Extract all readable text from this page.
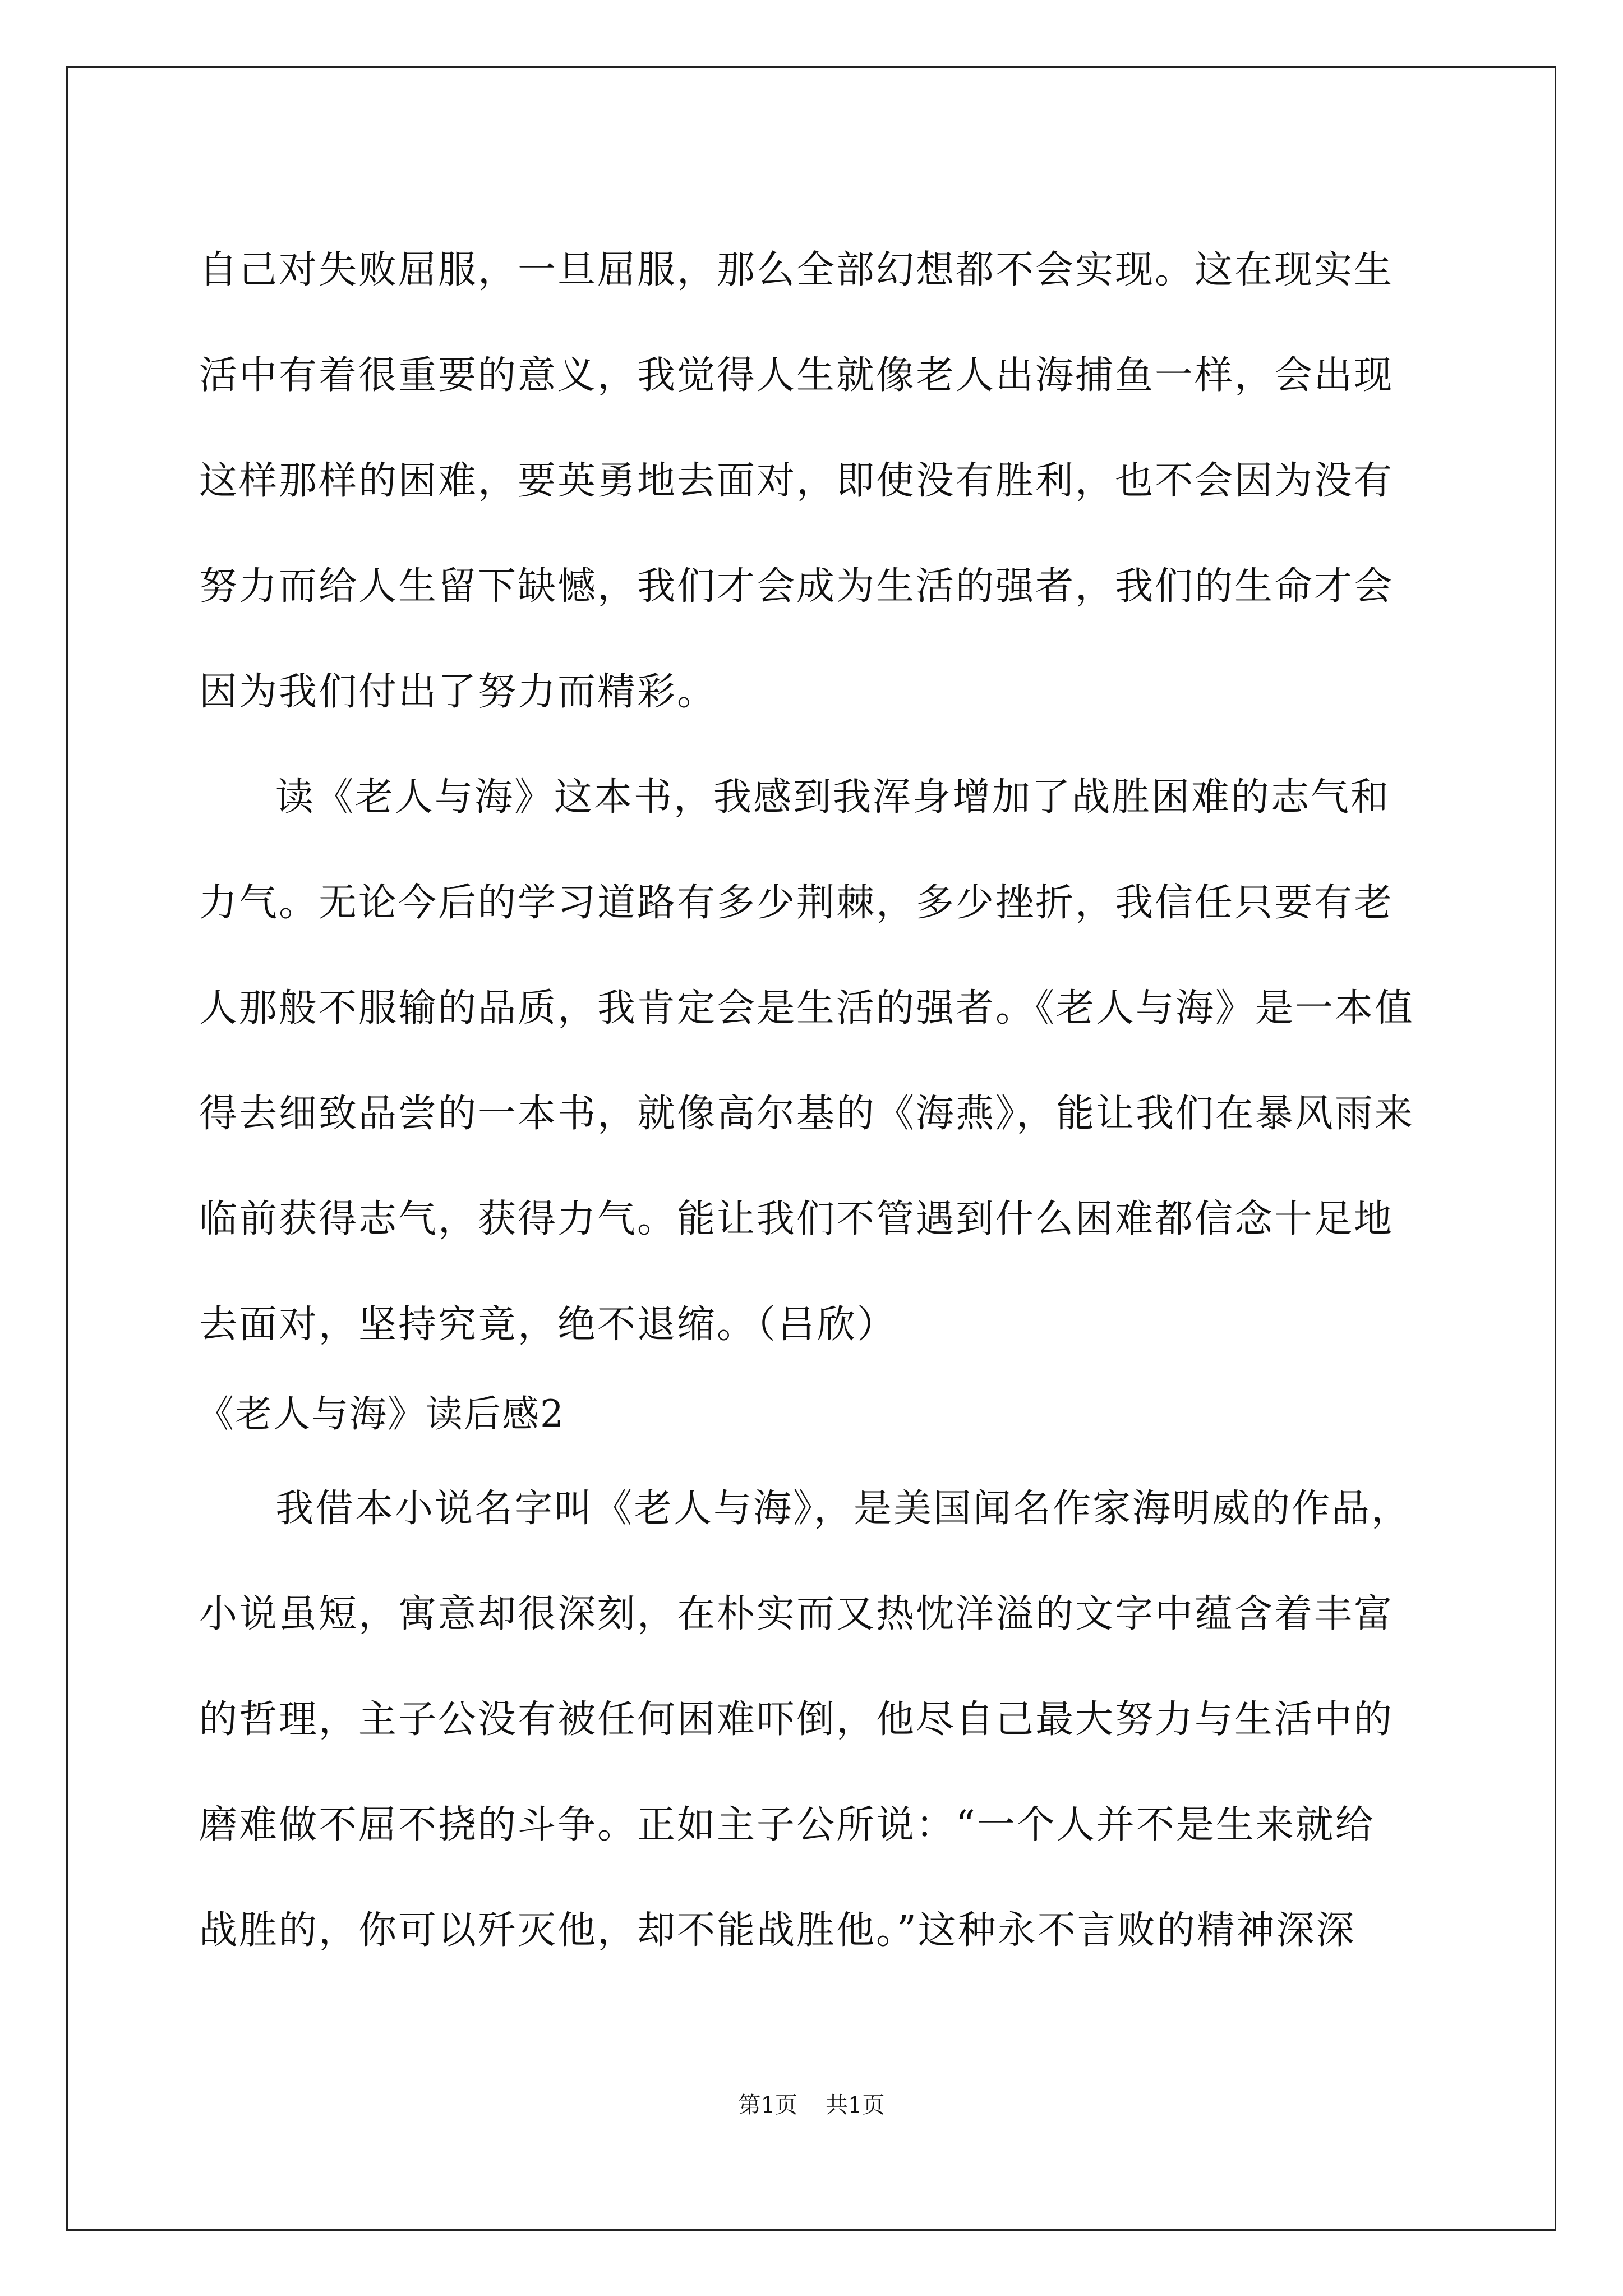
自己对失败屈服，一旦屈服，那么全部幻想都不会实现。这在现实生
活中有着很重要的意义，我觉得人生就像老人出海捕鱼一样，会出现
这样那样的困难，要英勇地去面对，即使没有胜利，也不会因为没有
努力而给人生留下缺憾，我们才会成为生活的强者，我们的生命才会
因为我们付出了努力而精彩。
读《老人与海》这本书，我感到我浑身增加了战胜困难的志气和
力气。无论今后的学习道路有多少荆棘，多少挫折，我信任只要有老
人那般不服输的品质，我肯定会是生活的强者。《老人与海》是一本值
得去细致品尝的一本书，就像高尔基的《海燕》，能让我们在暴风雨来
临前获得志气，获得力气。能让我们不管遇到什么困难都信念十足地
去面对，坚持究竟，绝不退缩。（吕欣）
《老人与海》读后感2
我借本小说名字叫《老人与海》，是美国闻名作家海明威的作品，
小说虽短，寓意却很深刻，在朴实而又热忱洋溢的文字中蕴含着丰富
的哲理，主子公没有被任何困难吓倒，他尽自己最大努力与生活中的
磨难做不屈不挠的斗争。正如主子公所说：“一个人并不是生来就给
战胜的，你可以歼灭他，却不能战胜他。”这种永不言败的精神深深
第1页 共1页
